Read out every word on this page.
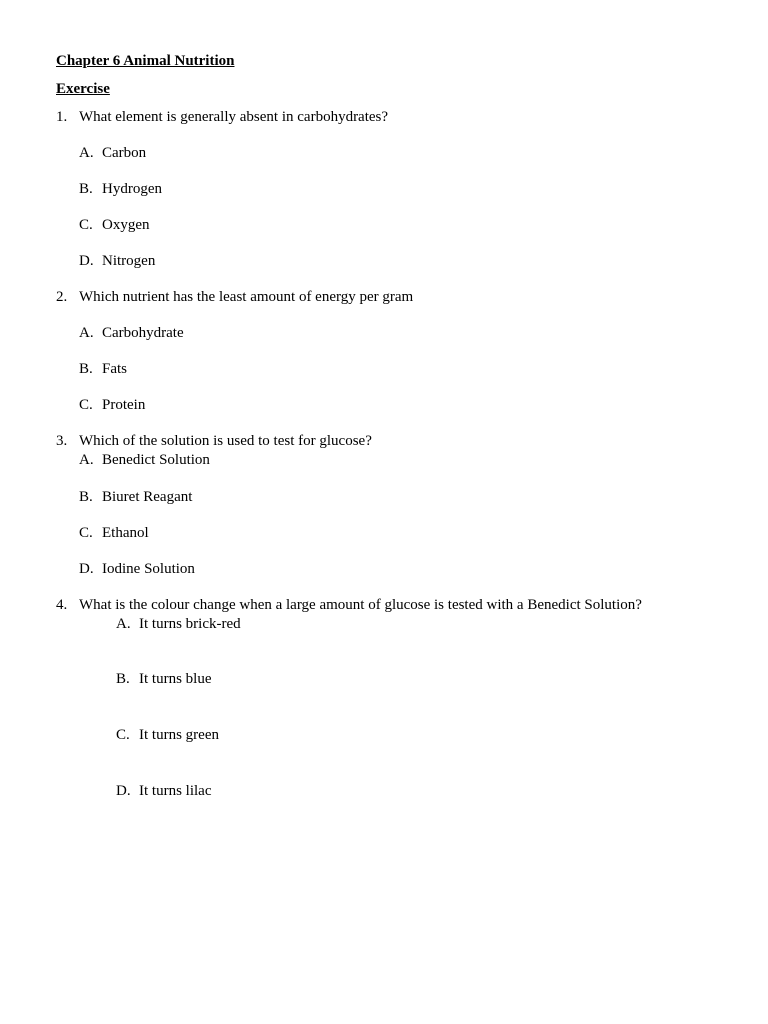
Chapter 6 Animal Nutrition
Exercise
1. What element is generally absent in carbohydrates?
A. Carbon
B. Hydrogen
C. Oxygen
D. Nitrogen
2. Which nutrient has the least amount of energy per gram
A. Carbohydrate
B. Fats
C. Protein
3. Which of the solution is used to test for glucose?
A. Benedict Solution
B. Biuret Reagant
C. Ethanol
D. Iodine Solution
4. What is the colour change when a large amount of glucose is tested with a Benedict Solution?
A. It turns brick-red
B. It turns blue
C. It turns green
D. It turns lilac
